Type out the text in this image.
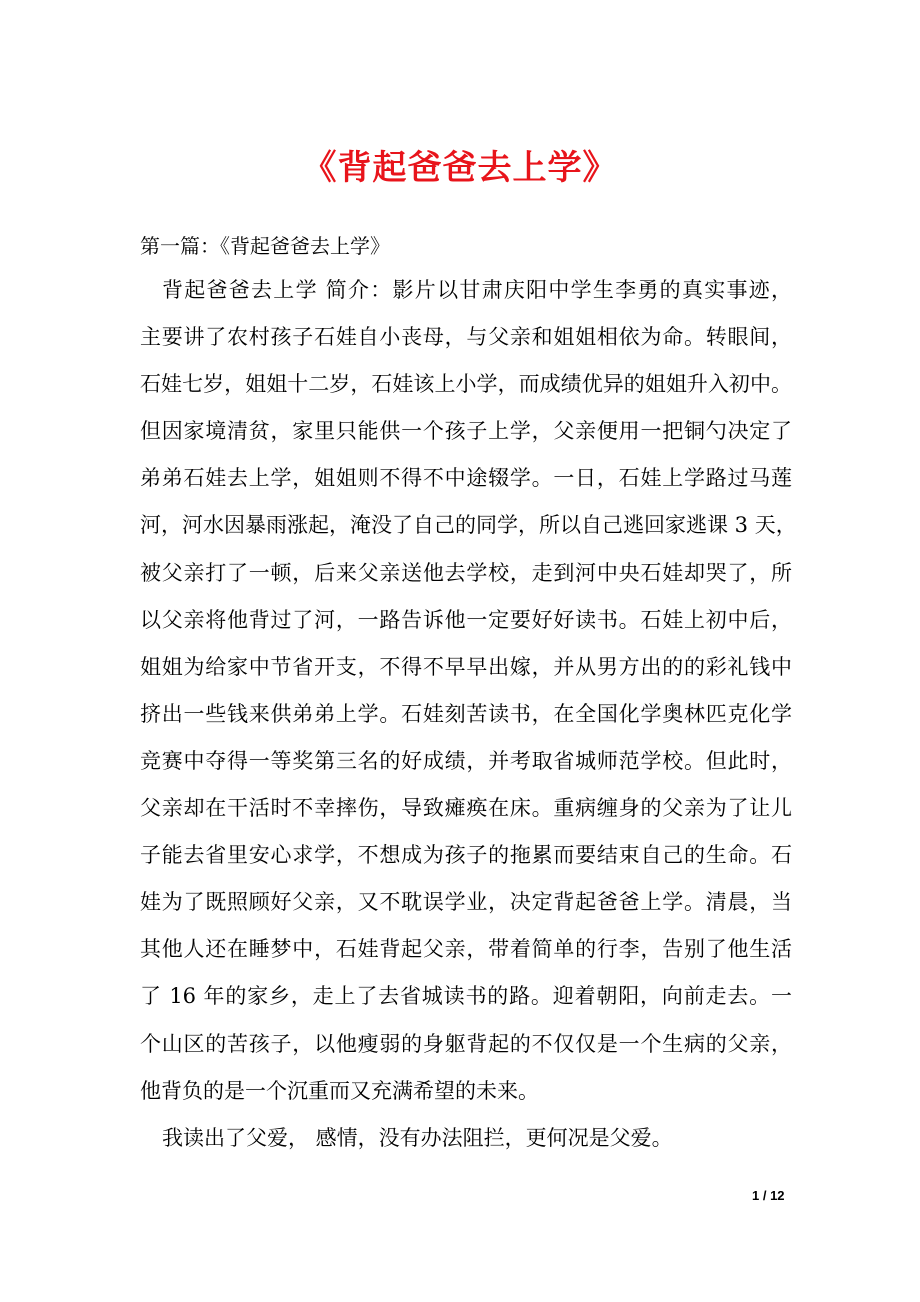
《背起爸爸去上学》
第一篇：《背起爸爸去上学》
背起爸爸去上学 简介：影片以甘肃庆阳中学生李勇的真实事迹，
主要讲了农村孩子石娃自小丧母，与父亲和姐姐相依为命。转眼间，
石娃七岁，姐姐十二岁，石娃该上小学，而成绩优异的姐姐升入初中。
但因家境清贫，家里只能供一个孩子上学，父亲便用一把铜勺决定了
弟弟石娃去上学，姐姐则不得不中途辍学。一日，石娃上学路过马莲
河，河水因暴雨涨起，淹没了自己的同学，所以自己逃回家逃课 3 天，
被父亲打了一顿，后来父亲送他去学校，走到河中央石娃却哭了，所
以父亲将他背过了河，一路告诉他一定要好好读书。石娃上初中后，
姐姐为给家中节省开支，不得不早早出嫁，并从男方出的的彩礼钱中
挤出一些钱来供弟弟上学。石娃刻苦读书，在全国化学奥林匹克化学
竞赛中夺得一等奖第三名的好成绩，并考取省城师范学校。但此时，
父亲却在干活时不幸摔伤，导致瘫痪在床。重病缠身的父亲为了让儿
子能去省里安心求学，不想成为孩子的拖累而要结束自己的生命。石
娃为了既照顾好父亲，又不耽误学业，决定背起爸爸上学。清晨，当
其他人还在睡梦中，石娃背起父亲，带着简单的行李，告别了他生活
了 16 年的家乡，走上了去省城读书的路。迎着朝阳，向前走去。一
个山区的苦孩子，以他瘦弱的身躯背起的不仅仅是一个生病的父亲，
他背负的是一个沉重而又充满希望的未来。
我读出了父爱， 感情，没有办法阻拦，更何况是父爱。
1 / 12
